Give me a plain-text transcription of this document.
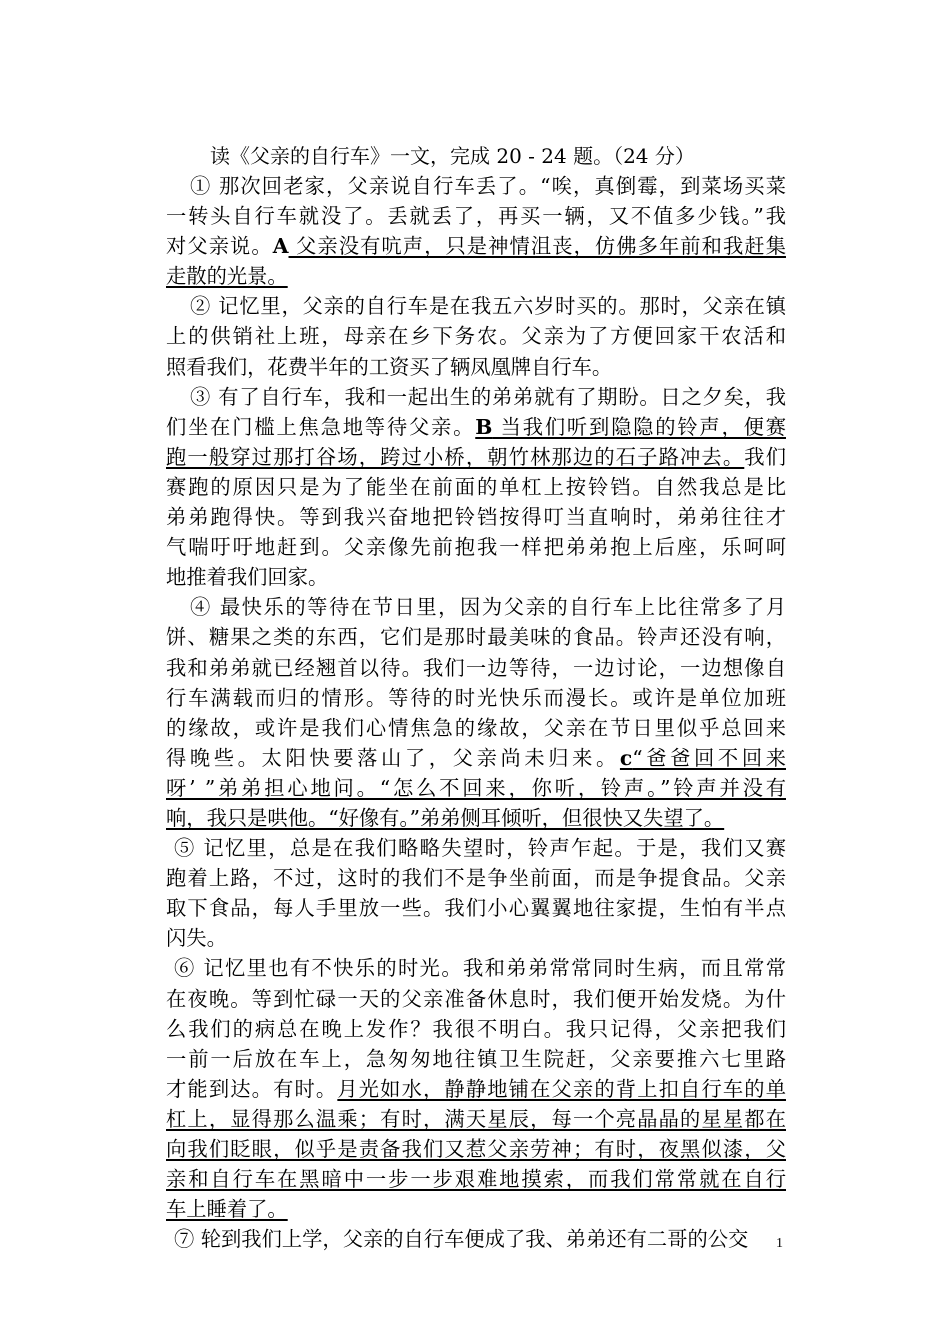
读《父亲的自行车》一文，完成 20 - 24 题。（24 分）
① 那次回老家，父亲说自行车丢了。“唉，真倒霉，到菜场买菜
一转头自行车就没了。丢就丢了，再买一辆，又不值多少钱。”我
对父亲说。A 父亲没有吭声，只是神情沮丧，仿佛多年前和我赶集
走散的光景。
② 记忆里，父亲的自行车是在我五六岁时买的。那时，父亲在镇
上的供销社上班，母亲在乡下务农。父亲为了方便回家干农活和
照看我们，花费半年的工资买了辆凤凰牌自行车。
③ 有了自行车，我和一起出生的弟弟就有了期盼。日之夕矣，我
们坐在门槛上焦急地等待父亲。B 当我们听到隐隐的铃声，便赛
跑一般穿过那打谷场，跨过小桥，朝竹林那边的石子路冲去。我们
赛跑的原因只是为了能坐在前面的单杠上按铃铛。自然我总是比
弟弟跑得快。等到我兴奋地把铃铛按得叮当直响时，弟弟往往才
气喘吁吁地赶到。父亲像先前抱我一样把弟弟抱上后座，乐呵呵
地推着我们回家。
④ 最快乐的等待在节日里，因为父亲的自行车上比往常多了月
饼、糖果之类的东西，它们是那时最美味的食品。铃声还没有响，
我和弟弟就已经翘首以待。我们一边等待，一边讨论，一边想像自
行车满载而归的情形。等待的时光快乐而漫长。或许是单位加班
的缘故，或许是我们心情焦急的缘故，父亲在节日里似乎总回来
得晚些。太阳快要落山了，父亲尚未归来。c“爸爸回不回来
呀’ ”弟弟担心地问。“怎么不回来，你听，铃声。”铃声并没有
响，我只是哄他。“好像有。”弟弟侧耳倾听，但很快又失望了。
⑤ 记忆里，总是在我们略略失望时，铃声乍起。于是，我们又赛
跑着上路，不过，这时的我们不是争坐前面，而是争提食品。父亲
取下食品，每人手里放一些。我们小心翼翼地往家提，生怕有半点
闪失。
⑥ 记忆里也有不快乐的时光。我和弟弟常常同时生病，而且常常
在夜晚。等到忙碌一天的父亲准备休息时，我们便开始发烧。为什
么我们的病总在晚上发作？我很不明白。我只记得，父亲把我们
一前一后放在车上，急匆匆地往镇卫生院赶，父亲要推六七里路
才能到达。有时。月光如水，静静地铺在父亲的背上扣自行车的单
杠上，显得那么温乘；有时，满天星辰，每一个亮晶晶的星星都在
向我们眨眼，似乎是责备我们又惹父亲劳神；有时，夜黑似漆，父
亲和自行车在黑暗中一步一步艰难地摸索，而我们常常就在自行
车上睡着了。
⑦ 轮到我们上学，父亲的自行车便成了我、弟弟还有二哥的公交	1
